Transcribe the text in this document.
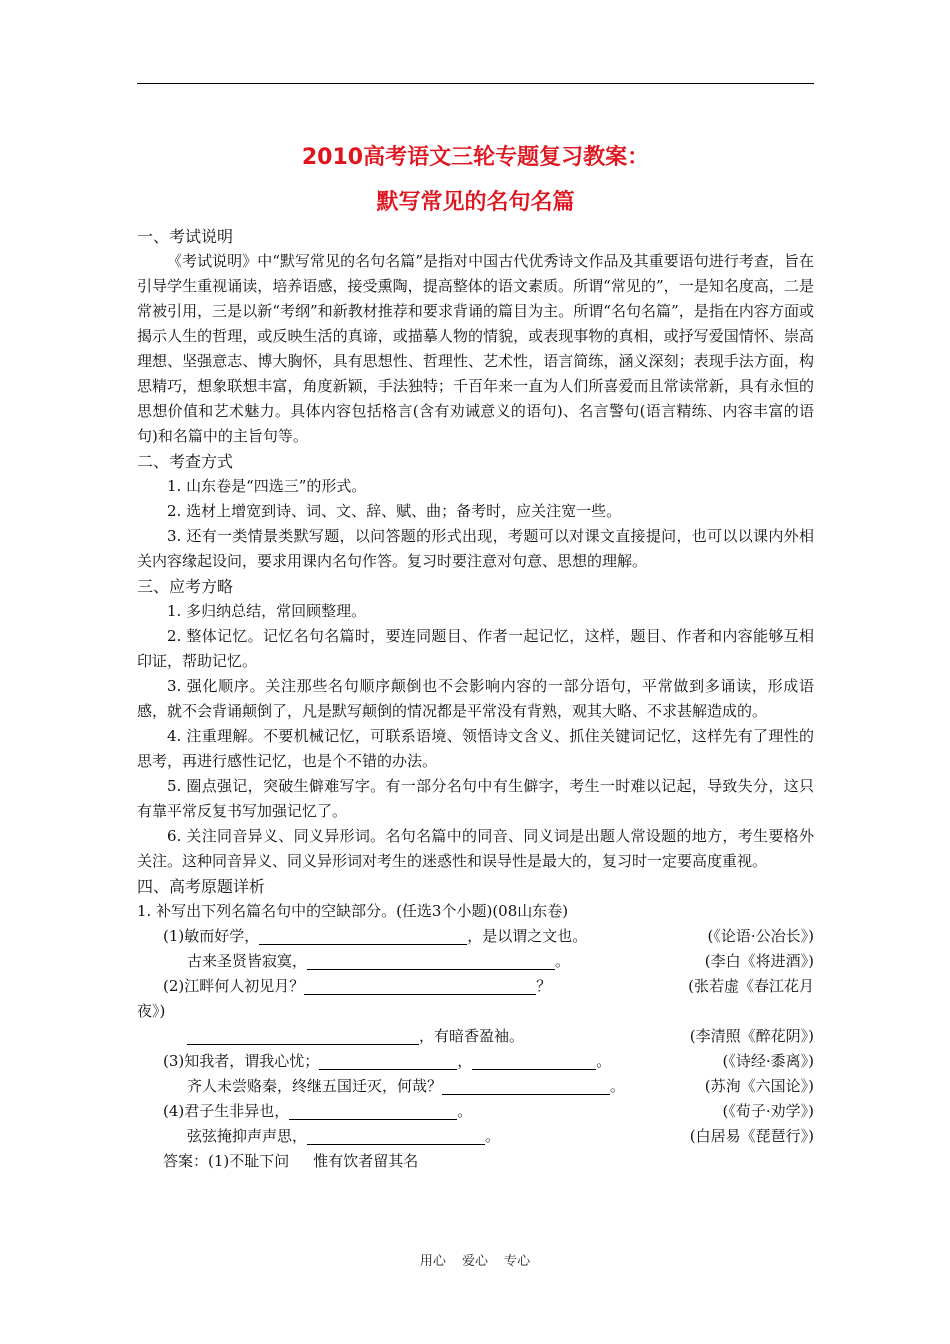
2010高考语文三轮专题复习教案：
默写常见的名句名篇

一、考试说明

《考试说明》中“默写常见的名句名篇”是指对中国古代优秀诗文作品及其重要语句进行考查，旨在引导学生重视诵读，培养语感，接受熏陶，提高整体的语文素质。所谓“常见的”，一是知名度高，二是常被引用，三是以新“考纲”和新教材推荐和要求背诵的篇目为主。所谓“名句名篇”，是指在内容方面或揭示人生的哲理，或反映生活的真谛，或描摹人物的情貌，或表现事物的真相，或抒写爱国情怀、崇高理想、坚强意志、博大胸怀，具有思想性、哲理性、艺术性，语言简练，涵义深刻；表现手法方面，构思精巧，想象联想丰富，角度新颖，手法独特；千百年来一直为人们所喜爱而且常读常新，具有永恒的思想价值和艺术魅力。具体内容包括格言(含有劝诫意义的语句)、名言警句(语言精练、内容丰富的语句)和名篇中的主旨句等。

二、考查方式

1. 山东卷是“四选三”的形式。

2. 选材上增宽到诗、词、文、辞、赋、曲；备考时，应关注宽一些。

3. 还有一类情景类默写题，以问答题的形式出现，考题可以对课文直接提问，也可以以课内外相关内容缘起设问，要求用课内名句作答。复习时要注意对句意、思想的理解。

三、应考方略

1. 多归纳总结，常回顾整理。

2. 整体记忆。记忆名句名篇时，要连同题目、作者一起记忆，这样，题目、作者和内容能够互相印证，帮助记忆。

3. 强化顺序。关注那些名句顺序颠倒也不会影响内容的一部分语句，平常做到多诵读，形成语感，就不会背诵颠倒了，凡是默写颠倒的情况都是平常没有背熟，观其大略、不求甚解造成的。

4. 注重理解。不要机械记忆，可联系语境、领悟诗文含义、抓住关键词记忆，这样先有了理性的思考，再进行感性记忆，也是个不错的办法。

5. 圈点强记，突破生僻难写字。有一部分名句中有生僻字，考生一时难以记起，导致失分，这只有靠平常反复书写加强记忆了。

6. 关注同音异义、同义异形词。名句名篇中的同音、同义词是出题人常设题的地方，考生要格外关注。这种同音异义、同义异形词对考生的迷惑性和误导性是最大的，复习时一定要高度重视。

四、高考原题详析

1. 补写出下列名篇名句中的空缺部分。(任选3个小题)(08山东卷)

(1)敏而好学，	，是以谓之文也。	(《论语·公冶长》)
古来圣贤皆寂寞，	。	(李白《将进酒》)
(2)江畔何人初见月？	？	(张若虚《春江花月
夜》)
，有暗香盈袖。	(李清照《醉花阴》)
(3)知我者，谓我心忧；	，	。	(《诗经·黍离》)
齐人未尝赂秦，终继五国迁灭，何哉？	。	(苏洵《六国论》)
(4)君子生非异也，	。	(《荀子·劝学》)
弦弦掩抑声声思，	。	(白居易《琵琶行》)
答案： (1)不耻下问 惟有饮者留其名
用心 爱心 专心
